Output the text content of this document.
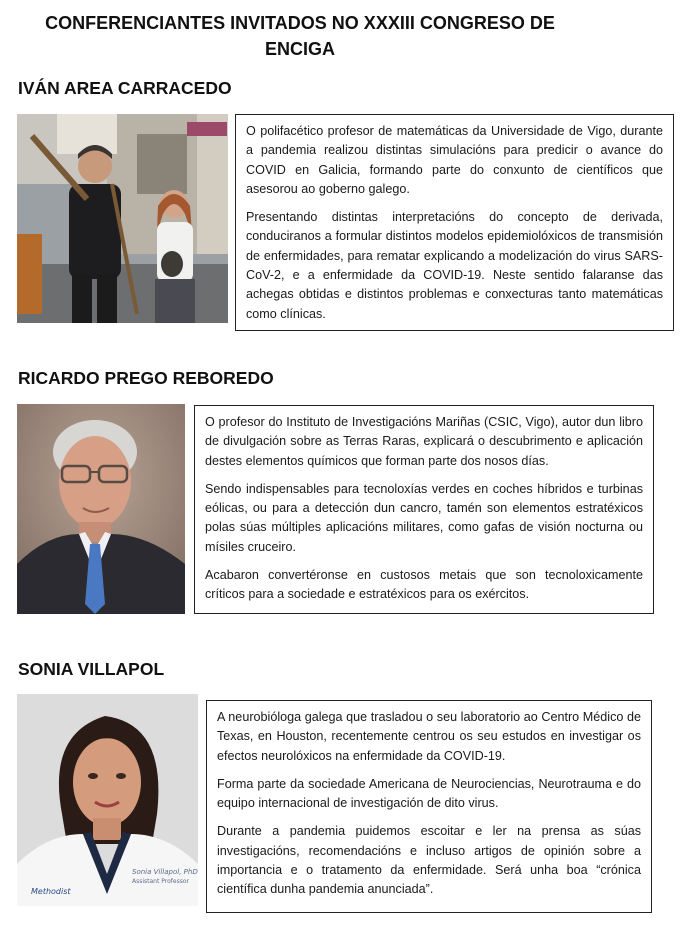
CONFERENCIANTES INVITADOS NO XXXIII CONGRESO DE ENCIGA
IVÁN AREA CARRACEDO

O polifacético profesor de matemáticas da Universidade de Vigo, durante a pandemia realizou distintas simulacións para predicir o avance do COVID en Galicia, formando parte do conxunto de científicos que asesorou ao goberno galego.

Presentando distintas interpretacións do concepto de derivada, conduciranos a formular distintos modelos epidemiolóxicos de transmisión de enfermidades, para rematar explicando a modelización do virus SARS-CoV-2, e a enfermidade da COVID-19. Neste sentido falaranse das achegas obtidas e distintos problemas e conxecturas tanto matemáticas como clínicas.

RICARDO PREGO REBOREDO

O profesor do Instituto de Investigacións Mariñas (CSIC, Vigo), autor dun libro de divulgación sobre as Terras Raras, explicará o descubrimento e aplicación destes elementos químicos que forman parte dos nosos días.

Sendo indispensables para tecnoloxías verdes en coches híbridos e turbinas eólicas, ou para a detección dun cancro, tamén son elementos estratéxicos polas súas múltiples aplicacións militares, como gafas de visión nocturna ou mísiles cruceiro.

Acabaron convertéronse en custosos metais que son tecnoloxicamente críticos para a sociedade e estratéxicos para os exércitos.

SONIA VILLAPOL
Sonia Villapol, PhD
Assistant Professor
Methodist

A neurobióloga galega que trasladou o seu laboratorio ao Centro Médico de Texas, en Houston, recentemente centrou os seu estudos en investigar os efectos neurolóxicos na enfermidade da COVID-19.

Forma parte da sociedade Americana de Neurociencias, Neurotrauma e do equipo internacional de investigación de dito virus.

Durante a pandemia puidemos escoitar e ler na prensa as súas investigacións, recomendacións e incluso artigos de opinión sobre a importancia e o tratamento da enfermidade. Será unha boa “crónica científica dunha pandemia anunciada”.
